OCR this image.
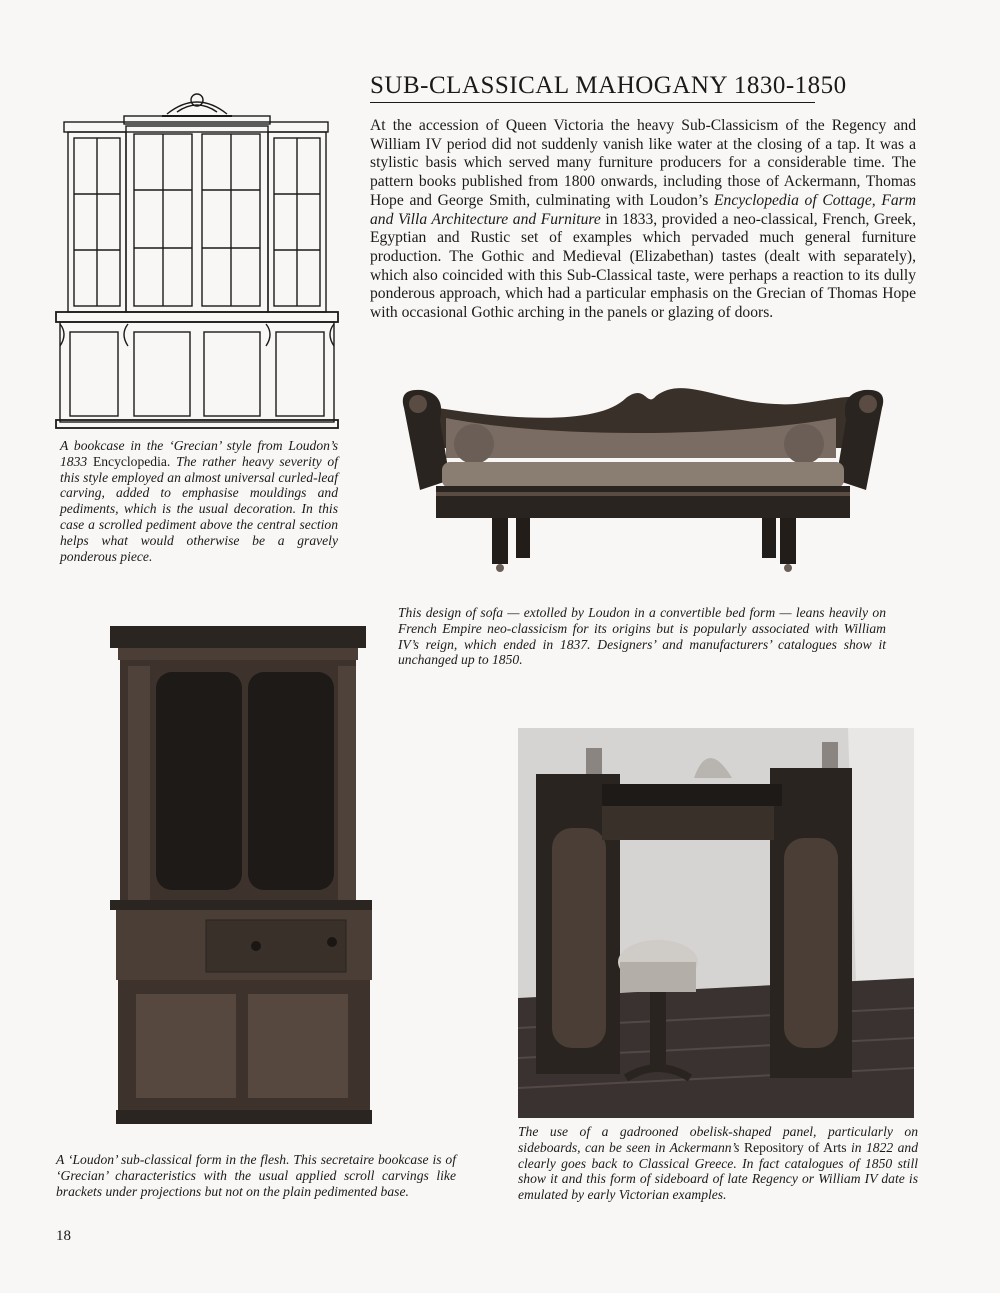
SUB-CLASSICAL MAHOGANY 1830-1850

At the accession of Queen Victoria the heavy Sub-Classicism of the Regency and William IV period did not suddenly vanish like water at the closing of a tap. It was a stylistic basis which served many furniture producers for a considerable time. The pattern books published from 1800 onwards, including those of Ackermann, Thomas Hope and George Smith, culminating with Loudon’s Encyclopedia of Cottage, Farm and Villa Architecture and Furniture in 1833, provided a neo-classical, French, Greek, Egyptian and Rustic set of examples which pervaded much general furniture production. The Gothic and Medieval (Elizabethan) tastes (dealt with separately), which also coincided with this Sub-Classical taste, were perhaps a reaction to its dully ponderous approach, which had a particular emphasis on the Grecian of Thomas Hope with occasional Gothic arching in the panels or glazing of doors.

A bookcase in the ‘Grecian’ style from Loudon’s 1833 Encyclopedia. The rather heavy severity of this style employed an almost universal curled-leaf carving, added to emphasise mouldings and pediments, which is the usual decoration. In this case a scrolled pediment above the central section helps what would otherwise be a gravely ponderous piece.

This design of sofa — extolled by Loudon in a convertible bed form — leans heavily on French Empire neo-classicism for its origins but is popularly associated with William IV’s reign, which ended in 1837. Designers’ and manufacturers’ catalogues show it unchanged up to 1850.

A ‘Loudon’ sub-classical form in the flesh. This secretaire bookcase is of ‘Grecian’ characteristics with the usual applied scroll carvings like brackets under projections but not on the plain pedimented base.

The use of a gadrooned obelisk-shaped panel, particularly on sideboards, can be seen in Ackermann’s Repository of Arts in 1822 and clearly goes back to Classical Greece. In fact catalogues of 1850 still show it and this form of sideboard of late Regency or William IV date is emulated by early Victorian examples.

18
